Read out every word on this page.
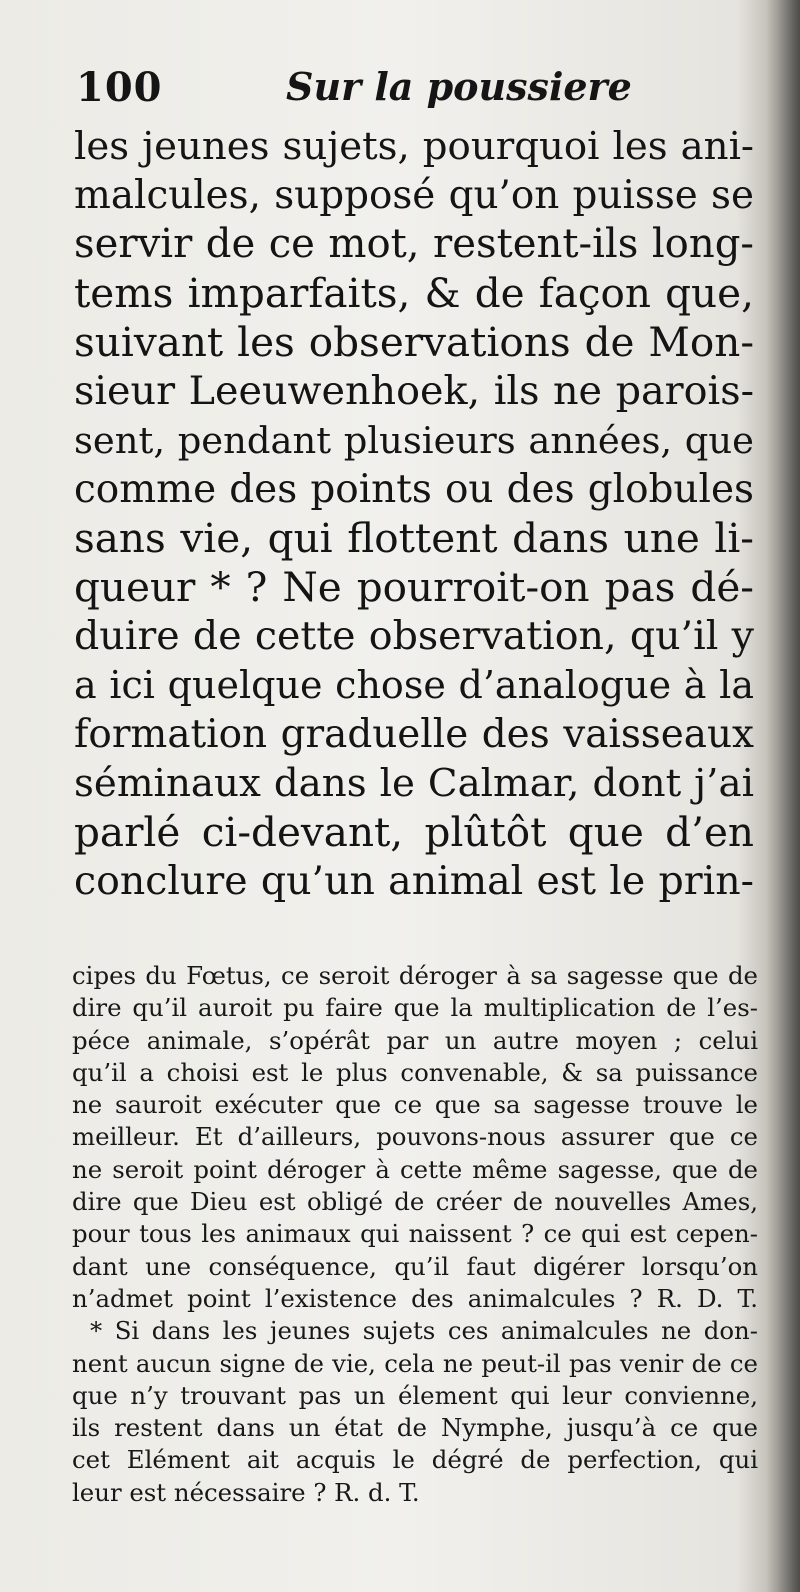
100	Sur la poussiere
les jeunes sujets, pourquoi les ani-
malcules, supposé qu’on puisse se
servir de ce mot, restent-ils long-
tems imparfaits, & de façon que,
suivant les observations de Mon-
sieur Leeuwenhoek, ils ne parois-
sent, pendant plusieurs années, que
comme des points ou des globules
sans vie, qui flottent dans une li-
queur * ? Ne pourroit-on pas dé-
duire de cette observation, qu’il y
a ici quelque chose d’analogue à la
formation graduelle des vaisseaux
séminaux dans le Calmar, dont j’ai
parlé ci-devant, plûtôt que d’en
conclure qu’un animal est le prin-
cipes du Fœtus, ce seroit déroger à sa sagesse que de
dire qu’il auroit pu faire que la multiplication de l’es-
péce animale, s’opérât par un autre moyen ; celui
qu’il a choisi est le plus convenable, & sa puissance
ne sauroit exécuter que ce que sa sagesse trouve le
meilleur. Et d’ailleurs, pouvons-nous assurer que ce
ne seroit point déroger à cette même sagesse, que de
dire que Dieu est obligé de créer de nouvelles Ames,
pour tous les animaux qui naissent ? ce qui est cepen-
dant une conséquence, qu’il faut digérer lorsqu’on
n’admet point l’existence des animalcules ? R. D. T.
* Si dans les jeunes sujets ces animalcules ne don-
nent aucun signe de vie, cela ne peut-il pas venir de ce
que n’y trouvant pas un élement qui leur convienne,
ils restent dans un état de Nymphe, jusqu’à ce que
cet Elément ait acquis le dégré de perfection, qui
leur est nécessaire ? R. d. T.
